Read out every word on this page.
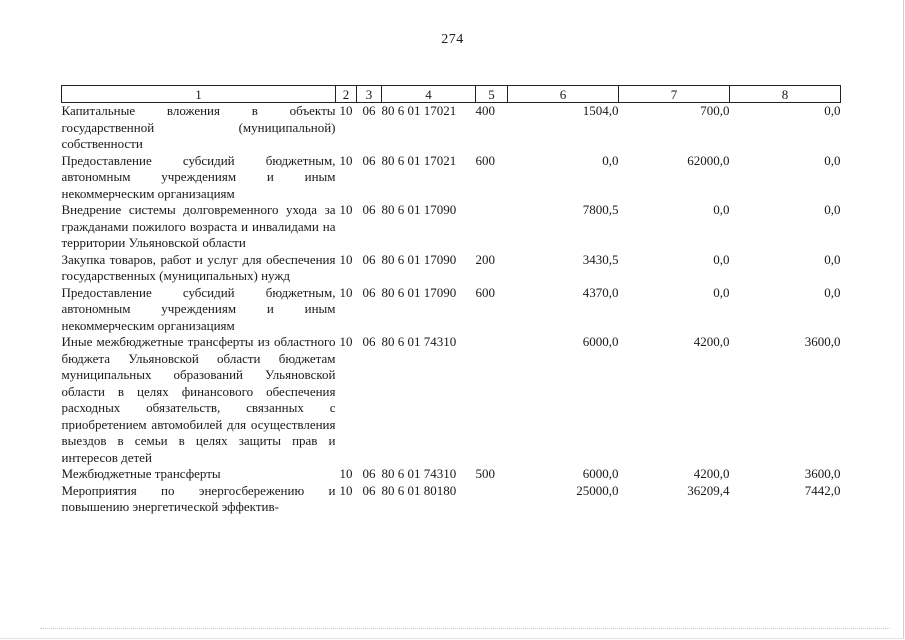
274
1	2	3	4	5	6	7	8
Капитальные вложения в объекты государственной (муниципальной) собственности	10	06	80 6 01 17021	400	1504,0	700,0	0,0
Предоставление субсидий бюджетным, автономным учреждениям и иным некоммерческим организациям	10	06	80 6 01 17021	600	0,0	62000,0	0,0
Внедрение системы долговременного ухода за гражданами пожилого возраста и инвалидами на территории Ульяновской области	10	06	80 6 01 17090		7800,5	0,0	0,0
Закупка товаров, работ и услуг для обеспечения государственных (муниципальных) нужд	10	06	80 6 01 17090	200	3430,5	0,0	0,0
Предоставление субсидий бюджетным, автономным учреждениям и иным некоммерческим организациям	10	06	80 6 01 17090	600	4370,0	0,0	0,0
Иные межбюджетные трансферты из областного бюджета Ульяновской области бюджетам муниципальных образований Ульяновской области в целях финансового обеспечения расходных обязательств, связанных с приобретением автомобилей для осуществления выездов в семьи в целях защиты прав и интересов детей	10	06	80 6 01 74310		6000,0	4200,0	3600,0
Межбюджетные трансферты	10	06	80 6 01 74310	500	6000,0	4200,0	3600,0
Мероприятия по энергосбережению и повышению энергетической эффектив-	10	06	80 6 01 80180		25000,0	36209,4	7442,0
